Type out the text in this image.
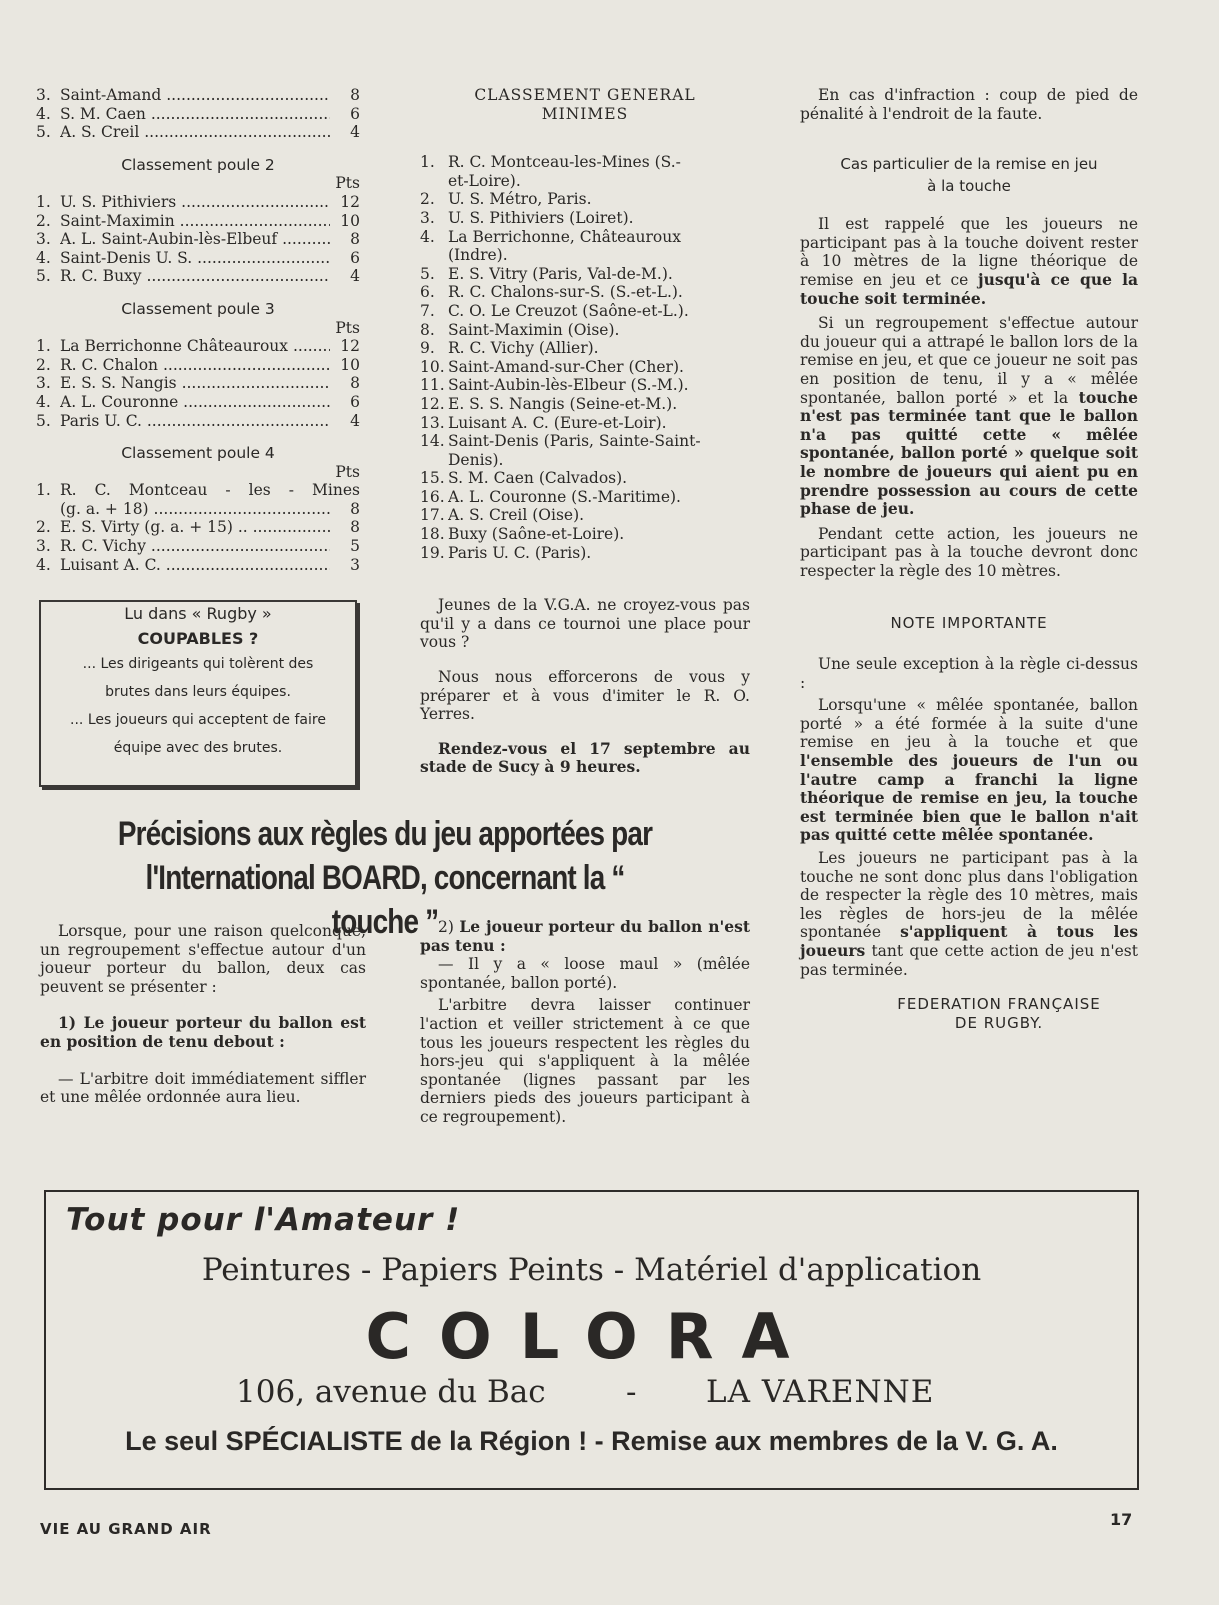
3. Saint-Amand .....	8
4. S. M. Caen .....	6
5. A. S. Creil .....	4
Classement poule 2
Pts
1. U. S. Pithiviers .....	12
2. Saint-Maximin .....	10
3. A. L. Saint-Aubin-lès-Elbeuf .....	8
4. Saint-Denis U. S. .....	6
5. R. C. Buxy .....	4
Classement poule 3
Pts
1. La Berrichonne Châteauroux .....	12
2. R. C. Chalon .....	10
3. E. S. S. Nangis .....	8
4. A. L. Couronne .....	6
5. Paris U. C. .....	4
Classement poule 4
Pts
1. R. C. Montceau - les - Mines
(g. a. + 18) .....	8
2. E. S. Virty (g. a. + 15) .. .....	8
3. R. C. Vichy .....	5
4. Luisant A. C. .....	3
Lu dans « Rugby »
COUPABLES ?
... Les dirigeants qui tolèrent des
brutes dans leurs équipes.
... Les joueurs qui acceptent de faire
équipe avec des brutes.
CLASSEMENT GENERAL
MINIMES
1. R. C. Montceau-les-Mines (S.-
et-Loire).
2. U. S. Métro, Paris.
3. U. S. Pithiviers (Loiret).
4. La Berrichonne, Châteauroux
(Indre).
5. E. S. Vitry (Paris, Val-de-M.).
6. R. C. Chalons-sur-S. (S.-et-L.).
7. C. O. Le Creuzot (Saône-et-L.).
8. Saint-Maximin (Oise).
9. R. C. Vichy (Allier).
10. Saint-Amand-sur-Cher (Cher).
11. Saint-Aubin-lès-Elbeur (S.-M.).
12. E. S. S. Nangis (Seine-et-M.).
13. Luisant A. C. (Eure-et-Loir).
14. Saint-Denis (Paris, Sainte-Saint-
Denis).
15. S. M. Caen (Calvados).
16. A. L. Couronne (S.-Maritime).
17. A. S. Creil (Oise).
18. Buxy (Saône-et-Loire).
19. Paris U. C. (Paris).
Jeunes de la V.G.A. ne croyez-vous pas qu'il y a dans ce tournoi une place pour vous ?
Nous nous efforcerons de vous y préparer et à vous d'imiter le R. O. Yerres.
Rendez-vous el 17 septembre au stade de Sucy à 9 heures.
En cas d'infraction : coup de pied de pénalité à l'endroit de la faute.
Cas particulier de la remise en jeu
à la touche
Il est rappelé que les joueurs ne participant pas à la touche doivent rester à 10 mètres de la ligne théorique de remise en jeu et ce jusqu'à ce que la touche soit terminée.
Si un regroupement s'effectue autour du joueur qui a attrapé le ballon lors de la remise en jeu, et que ce joueur ne soit pas en position de tenu, il y a « mêlée spontanée, ballon porté » et la touche n'est pas terminée tant que le ballon n'a pas quitté cette « mêlée spontanée, ballon porté » quelque soit le nombre de joueurs qui aient pu en prendre possession au cours de cette phase de jeu.
Pendant cette action, les joueurs ne participant pas à la touche devront donc respecter la règle des 10 mètres.
NOTE IMPORTANTE
Une seule exception à la règle ci-dessus :
Lorsqu'une « mêlée spontanée, ballon porté » a été formée à la suite d'une remise en jeu à la touche et que l'ensemble des joueurs de l'un ou l'autre camp a franchi la ligne théorique de remise en jeu, la touche est terminée bien que le ballon n'ait pas quitté cette mêlée spontanée.
Les joueurs ne participant pas à la touche ne sont donc plus dans l'obligation de respecter la règle des 10 mètres, mais les règles de hors-jeu de la mêlée spontanée s'appliquent à tous les joueurs tant que cette action de jeu n'est pas terminée.
FEDERATION FRANÇAISE
DE RUGBY.
Précisions aux règles du jeu apportées par
l'International BOARD, concernant la “ touche ”
Lorsque, pour une raison quelconque, un regroupement s'effectue autour d'un joueur porteur du ballon, deux cas peuvent se présenter :
1) Le joueur porteur du ballon est en position de tenu debout :
— L'arbitre doit immédiatement siffler et une mêlée ordonnée aura lieu.
2) Le joueur porteur du ballon n'est pas tenu :
— Il y a « loose maul » (mêlée spontanée, ballon porté).
L'arbitre devra laisser continuer l'action et veiller strictement à ce que tous les joueurs respectent les règles du hors-jeu qui s'appliquent à la mêlée spontanée (lignes passant par les derniers pieds des joueurs participant à ce regroupement).
Tout pour l'Amateur !
Peintures - Papiers Peints - Matériel d'application
COLORA
106, avenue du Bac	- LA VARENNE
Le seul SPÉCIALISTE de la Région ! - Remise aux membres de la V. G. A.
VIE AU GRAND AIR	17
